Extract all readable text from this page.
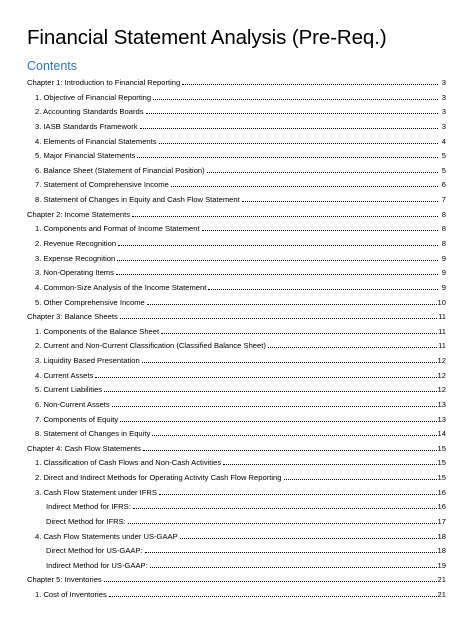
Financial Statement Analysis (Pre-Req.)
Contents
Chapter 1: Introduction to Financial Reporting	3
1. Objective of Financial Reporting	3
2. Accounting Standards Boards	3
3. IASB Standards Framework	3
4. Elements of Financial Statements	4
5. Major Financial Statements	5
6. Balance Sheet (Statement of Financial Position)	5
7. Statement of Comprehensive Income	6
8. Statement of Changes in Equity and Cash Flow Statement	7
Chapter 2: Income Statements	8
1. Components and Format of Income Statement	8
2. Revenue Recognition	8
3. Expense Recognition	9
3. Non-Operating Items	9
4. Common-Size Analysis of the Income Statement	9
5. Other Comprehensive Income	10
Chapter 3: Balance Sheets	11
1. Components of the Balance Sheet	11
2. Current and Non-Current Classification (Classified Balance Sheet)	11
3. Liquidity Based Presentation	12
4. Current Assets	12
5. Current Liabilities	12
6. Non-Current Assets	13
7. Components of Equity	13
8. Statement of Changes in Equity	14
Chapter 4: Cash Flow Statements	15
1. Classification of Cash Flows and Non-Cash Activities	15
2. Direct and Indirect Methods for Operating Activity Cash Flow Reporting	15
3. Cash Flow Statement under IFRS	16
Indirect Method for IFRS:	16
Direct Method for IFRS:	17
4. Cash Flow Statements under US-GAAP	18
Direct Method for US-GAAP:	18
Indirect Method for US-GAAP:	19
Chapter 5: Inventories	21
1. Cost of Inventories	21
